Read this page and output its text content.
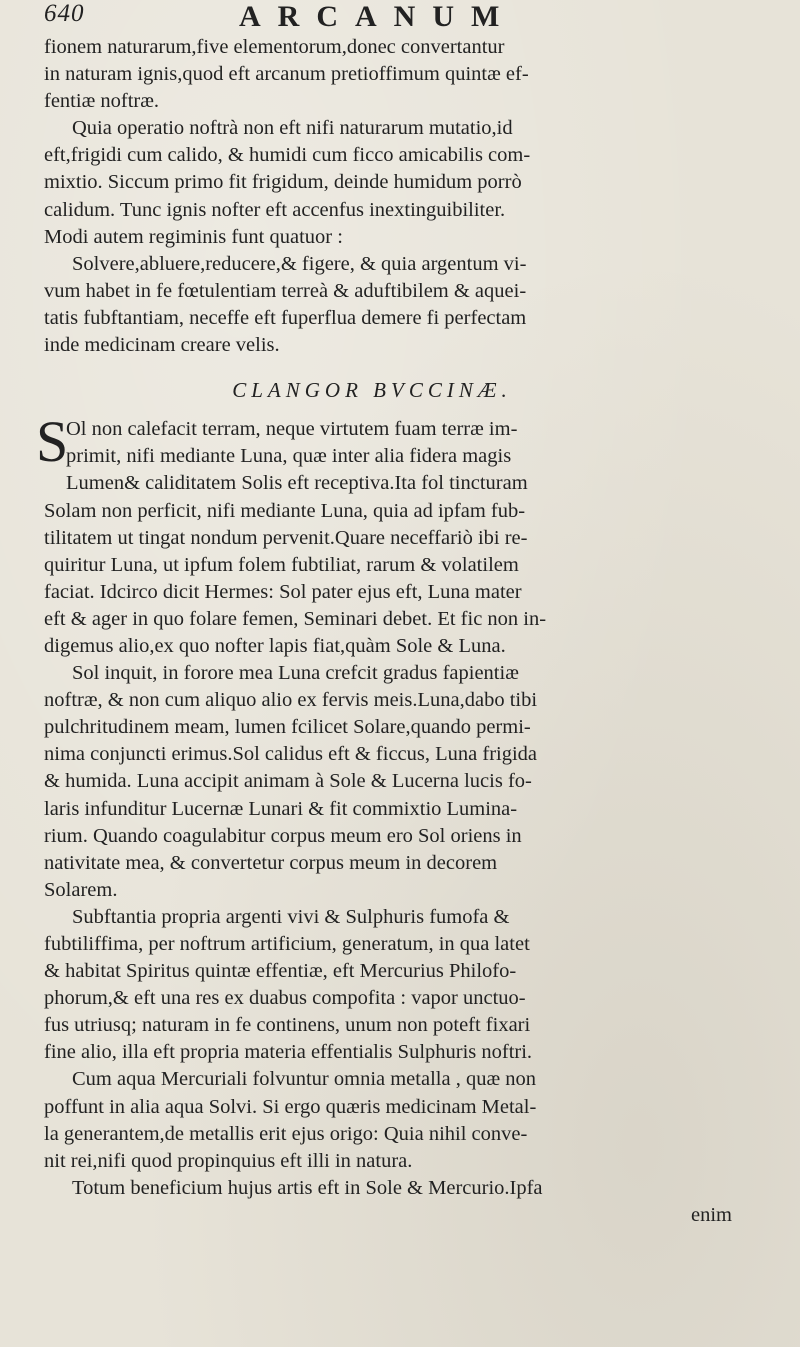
640	ARCANUM
fionem naturarum,five elementorum,donec convertantur
in naturam ignis,quod eft arcanum pretioffimum quintæ ef-
fentiæ noftræ.
Quia operatio noftrà non eft nifi naturarum mutatio,id
eft,frigidi cum calido, & humidi cum ficco amicabilis com-
mixtio. Siccum primo fit frigidum, deinde humidum porrò
calidum. Tunc ignis nofter eft accenfus inextinguibiliter.
Modi autem regiminis funt quatuor :
Solvere,abluere,reducere,& figere, & quia argentum vi-
vum habet in fe fœtulentiam terreà & aduftibilem & aquei-
tatis fubftantiam, neceffe eft fuperflua demere fi perfectam
inde medicinam creare velis.
CLANGOR BVCCINÆ.
S
Ol non calefacit terram, neque virtutem fuam terræ im-
primit, nifi mediante Luna, quæ inter alia fidera magis
Lumen& caliditatem Solis eft receptiva.Ita fol tincturam
Solam non perficit, nifi mediante Luna, quia ad ipfam fub-
tilitatem ut tingat nondum pervenit.Quare neceffariò ibi re-
quiritur Luna, ut ipfum folem fubtiliat, rarum & volatilem
faciat. Idcirco dicit Hermes: Sol pater ejus eft, Luna mater
eft & ager in quo folare femen, Seminari debet. Et fic non in-
digemus alio,ex quo nofter lapis fiat,quàm Sole & Luna.
Sol inquit, in forore mea Luna crefcit gradus fapientiæ
noftræ, & non cum aliquo alio ex fervis meis.Luna,dabo tibi
pulchritudinem meam, lumen fcilicet Solare,quando permi-
nima conjuncti erimus.Sol calidus eft & ficcus, Luna frigida
& humida. Luna accipit animam à Sole & Lucerna lucis fo-
laris infunditur Lucernæ Lunari & fit commixtio Lumina-
rium. Quando coagulabitur corpus meum ero Sol oriens in
nativitate mea, & convertetur corpus meum in decorem
Solarem.
Subftantia propria argenti vivi & Sulphuris fumofa &
fubtiliffima, per noftrum artificium, generatum, in qua latet
& habitat Spiritus quintæ effentiæ, eft Mercurius Philofo-
phorum,& eft una res ex duabus compofita : vapor unctuo-
fus utriusq; naturam in fe continens, unum non poteft fixari
fine alio, illa eft propria materia effentialis Sulphuris noftri.
Cum aqua Mercuriali folvuntur omnia metalla , quæ non
poffunt in alia aqua Solvi. Si ergo quæris medicinam Metal-
la generantem,de metallis erit ejus origo: Quia nihil conve-
nit rei,nifi quod propinquius eft illi in natura.
Totum beneficium hujus artis eft in Sole & Mercurio.Ipfa
enim
